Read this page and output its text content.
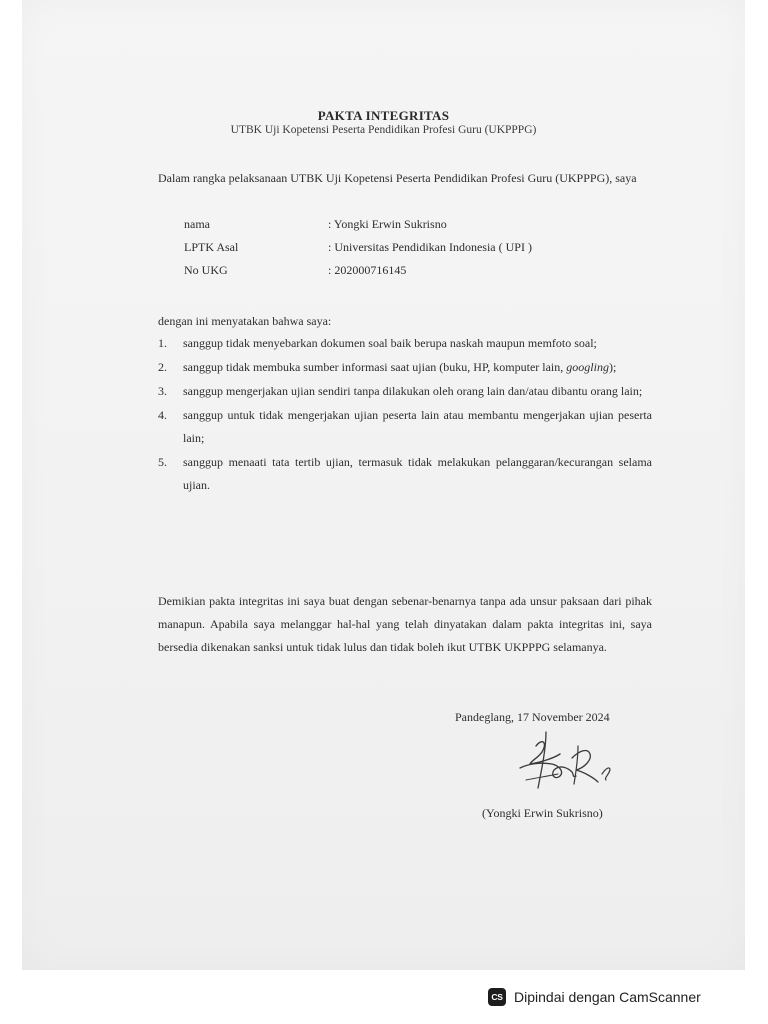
PAKTA INTEGRITAS
UTBK Uji Kopetensi Peserta Pendidikan Profesi Guru (UKPPPG)
Dalam rangka pelaksanaan UTBK Uji Kopetensi Peserta Pendidikan Profesi Guru (UKPPPG), saya
nama	: Yongki Erwin Sukrisno
LPTK Asal	: Universitas Pendidikan Indonesia ( UPI )
No UKG	: 202000716145
dengan ini menyatakan bahwa saya:
1. sanggup tidak menyebarkan dokumen soal baik berupa naskah maupun memfoto soal;
2. sanggup tidak membuka sumber informasi saat ujian (buku, HP, komputer lain, googling);
3. sanggup mengerjakan ujian sendiri tanpa dilakukan oleh orang lain dan/atau dibantu orang lain;
4. sanggup untuk tidak mengerjakan ujian peserta lain atau membantu mengerjakan ujian peserta lain;
5. sanggup menaati tata tertib ujian, termasuk tidak melakukan pelanggaran/kecurangan selama ujian.
Demikian pakta integritas ini saya buat dengan sebenar-benarnya tanpa ada unsur paksaan dari pihak manapun. Apabila saya melanggar hal-hal yang telah dinyatakan dalam pakta integritas ini, saya bersedia dikenakan sanksi untuk tidak lulus dan tidak boleh ikut UTBK UKPPPG selamanya.
Pandeglang, 17 November 2024
(Yongki Erwin Sukrisno)
CS Dipindai dengan CamScanner
